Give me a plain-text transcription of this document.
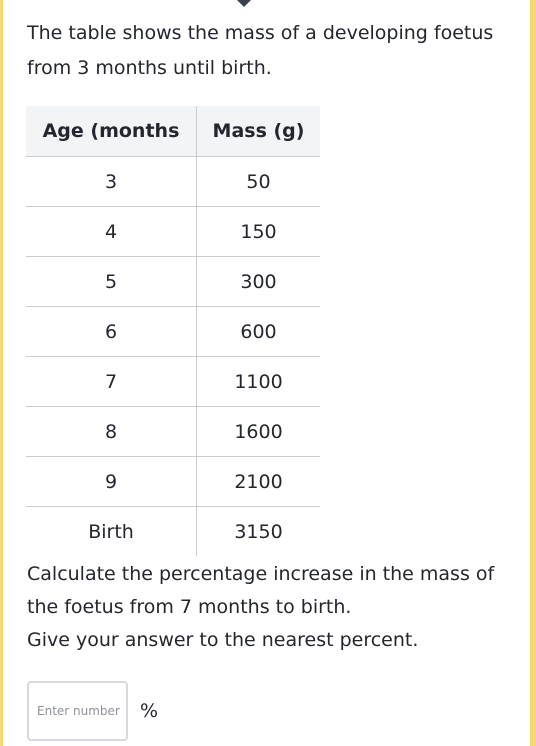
The table shows the mass of a developing foetus from 3 months until birth.

Age (months	Mass (g)
3	50
4	150
5	300
6	600
7	1100
8	1600
9	2100
Birth	3150

Calculate the percentage increase in the mass of the foetus from 7 months to birth.

Give your answer to the nearest percent.

Enter number
%
